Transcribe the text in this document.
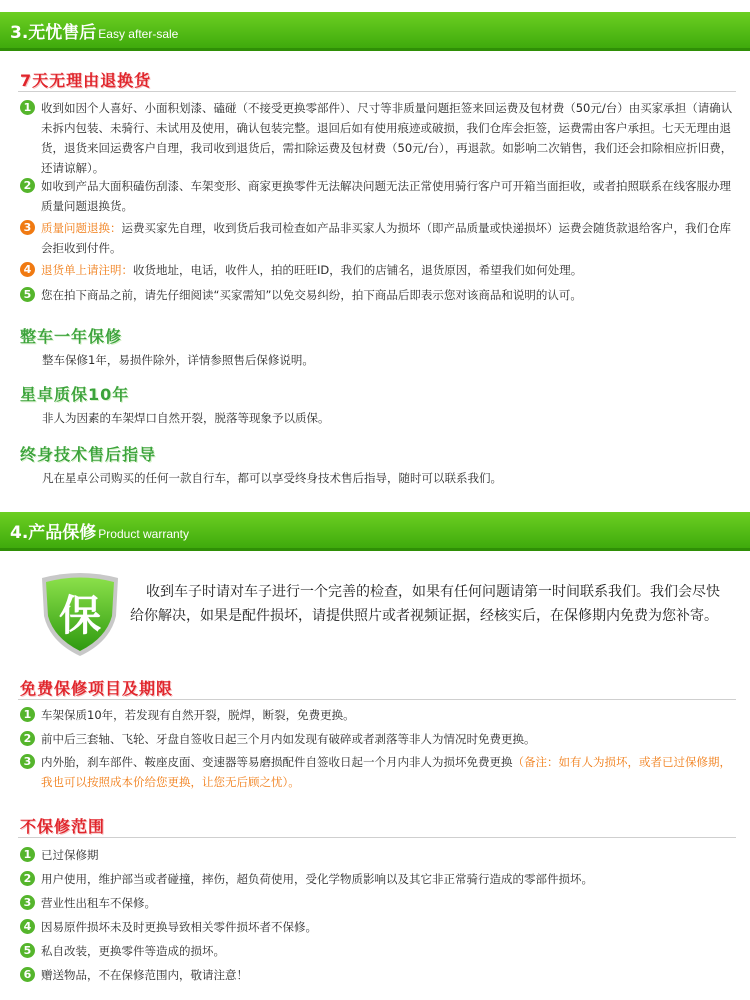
3.无忧售后 Easy after-sale
7天无理由退换货
1 收到如因个人喜好、小面积划漆、磕碰（不接受更换零部件）、尺寸等非质量问题拒签来回运费及包材费（50元/台）由买家承担（请确认未拆内包装、未骑行、未试用及使用，确认包装完整。退回后如有使用痕迹或破损，我们仓库会拒签，运费需由客户承担。七天无理由退货，退货来回运费客户自理，我司收到退货后，需扣除运费及包材费（50元/台），再退款。如影响二次销售，我们还会扣除相应折旧费，还请谅解）。
2 如收到产品大面积磕伤刮漆、车架变形、商家更换零件无法解决问题无法正常使用骑行客户可开箱当面拒收，或者拍照联系在线客服办理质量问题退换货。
3 质量问题退换：运费买家先自理，收到货后我司检查如产品非买家人为损坏（即产品质量或快递损坏）运费会随货款退给客户，我们仓库会拒收到付件。
4 退货单上请注明：收货地址，电话，收件人，拍的旺旺ID，我们的店铺名，退货原因，希望我们如何处理。
5 您在拍下商品之前，请先仔细阅读“买家需知”以免交易纠纷，拍下商品后即表示您对该商品和说明的认可。
整车一年保修
整车保修1年，易损件除外，详情参照售后保修说明。
星卓质保10年
非人为因素的车架焊口自然开裂，脱落等现象予以质保。
终身技术售后指导
凡在星卓公司购买的任何一款自行车，都可以享受终身技术售后指导，随时可以联系我们。
4.产品保修 Product warranty
保	收到车子时请对车子进行一个完善的检查，如果有任何问题请第一时间联系我们。我们会尽快给你解决，如果是配件损坏，请提供照片或者视频证据，经核实后，在保修期内免费为您补寄。
免费保修项目及期限
1 车架保质10年，若发现有自然开裂，脱焊，断裂，免费更换。
2 前中后三套轴、飞轮、牙盘自签收日起三个月内如发现有破碎或者剥落等非人为情况时免费更换。
3 内外胎，刹车部件、鞍座皮面、变速器等易磨损配件自签收日起一个月内非人为损坏免费更换（备注：如有人为损坏，或者已过保修期，我也可以按照成本价给您更换，让您无后顾之忧）。
不保修范围
1 已过保修期
2 用户使用，维护部当或者碰撞，摔伤，超负荷使用，受化学物质影响以及其它非正常骑行造成的零部件损坏。
3 营业性出租车不保修。
4 因易原件损坏未及时更换导致相关零件损坏者不保修。
5 私自改装，更换零件等造成的损坏。
6 赠送物品，不在保修范围内，敬请注意！
